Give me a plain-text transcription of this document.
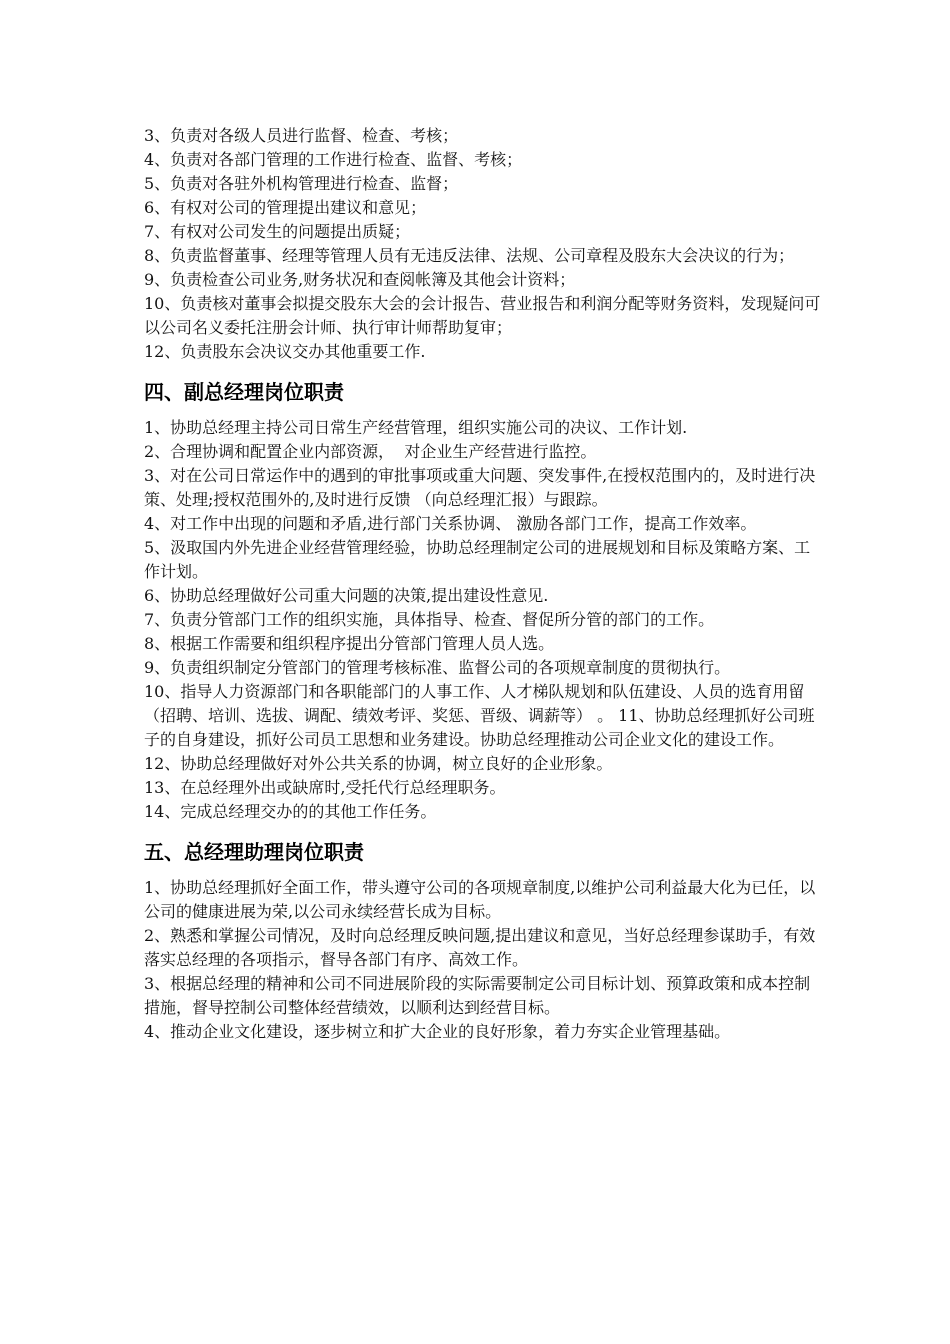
3、负责对各级人员进行监督、检查、考核；

4、负责对各部门管理的工作进行检查、监督、考核；

5、负责对各驻外机构管理进行检查、监督；

6、有权对公司的管理提出建议和意见；

7、有权对公司发生的问题提出质疑；

8、负责监督董事、经理等管理人员有无违反法律、法规、公司章程及股东大会决议的行为；

9、负责检查公司业务,财务状况和查阅帐簿及其他会计资料；

10、负责核对董事会拟提交股东大会的会计报告、营业报告和利润分配等财务资料，发现疑问可以公司名义委托注册会计师、执行审计师帮助复审；

12、负责股东会决议交办其他重要工作.

四、副总经理岗位职责

1、协助总经理主持公司日常生产经营管理，组织实施公司的决议、工作计划.

2、合理协调和配置企业内部资源，  对企业生产经营进行监控。

3、对在公司日常运作中的遇到的审批事项或重大问题、突发事件,在授权范围内的，及时进行决策、处理;授权范围外的,及时进行反馈 （向总经理汇报）与跟踪。

4、对工作中出现的问题和矛盾,进行部门关系协调、 激励各部门工作，提高工作效率。

5、汲取国内外先进企业经营管理经验，协助总经理制定公司的进展规划和目标及策略方案、工作计划。

6、协助总经理做好公司重大问题的决策,提出建设性意见.

7、负责分管部门工作的组织实施，具体指导、检查、督促所分管的部门的工作。

8、根据工作需要和组织程序提出分管部门管理人员人选。

9、负责组织制定分管部门的管理考核标准、监督公司的各项规章制度的贯彻执行。

10、指导人力资源部门和各职能部门的人事工作、人才梯队规划和队伍建设、人员的选育用留 （招聘、培训、选拔、调配、绩效考评、奖惩、晋级、调薪等） 。 11、协助总经理抓好公司班子的自身建设，抓好公司员工思想和业务建设。协助总经理推动公司企业文化的建设工作。

12、协助总经理做好对外公共关系的协调，树立良好的企业形象。

13、在总经理外出或缺席时,受托代行总经理职务。

14、完成总经理交办的的其他工作任务。

五、总经理助理岗位职责

1、协助总经理抓好全面工作，带头遵守公司的各项规章制度,以维护公司利益最大化为已任，以公司的健康进展为荣,以公司永续经营长成为目标。

2、熟悉和掌握公司情况，及时向总经理反映问题,提出建议和意见，当好总经理参谋助手，有效落实总经理的各项指示，督导各部门有序、高效工作。

3、根据总经理的精神和公司不同进展阶段的实际需要制定公司目标计划、预算政策和成本控制措施，督导控制公司整体经营绩效，以顺利达到经营目标。

4、推动企业文化建设，逐步树立和扩大企业的良好形象，着力夯实企业管理基础。
